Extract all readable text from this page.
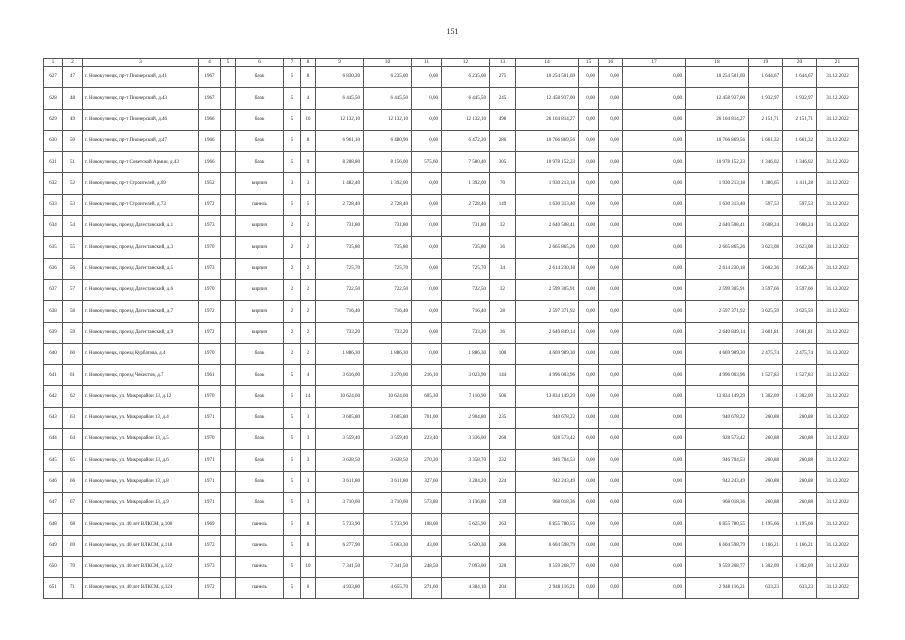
151
1	2	3	4	5	6	7	8	9	10	11	12	13	14	15	16	17	18	19	20	21
627	47	г. Новокузнецк, пр-т Пионерский, д.41	1967		блок	5	8	6 830,20	6 235,00	0,00	6 235,00	275	10 254 501,69	0,00	0,00	0,00	10 254 501,69	1 644,67	1 644,67	31.12.2022
628	48	г. Новокузнецк, пр-т Пионерский, д.43	1967		блок	5	4	6 445,50	6 445,50	0,00	6 445,50	245	12 458 937,00	0,00	0,00	0,00	12 458 937,00	1 932,97	1 932,97	31.12.2022
629	49	г. Новокузнецк, пр-т Пионерский, д.46	1966		блок	5	16	12 132,10	12 132,10	0,00	12 132,10	498	26 104 814,27	0,00	0,00	0,00	26 104 814,27	2 151,71	2 151,71	31.12.2022
630	50	г. Новокузнецк, пр-т Пионерский, д.47	1966		блок	5	8	6 961,10	6 480,90	0,00	6 472,20	286	10 766 869,56	0,00	0,00	0,00	10 766 869,56	1 661,32	1 661,32	31.12.2022
631	51	г. Новокузнецк, пр-т Советской Армии, д.43	1966		блок	5	9	8 208,80	8 156,00	575,60	7 580,40	305	10 978 152,23	0,00	0,00	0,00	10 978 152,23	1 346,02	1 346,02	31.12.2022
632	52	г. Новокузнецк, пр-т Строителей, д.69	1952		кирпич	3	3	1 482,40	1 392,00	0,00	1 392,00	70	1 930 213,18	0,00	0,00	0,00	1 930 213,18	1 386,65	1 411,28	31.12.2022
633	53	г. Новокузнецк, пр-т Строителей, д.73	1972		панель	5	5	2 728,40	2 728,40	0,00	2 728,40	149	1 630 313,40	0,00	0,00	0,00	1 630 313,40	597,53	597,53	31.12.2022
634	54	г. Новокузнецк, проезд Дагестанский, д.1	1973		кирпич	2	2	731,80	731,80	0,00	731,80	32	2 640 508,41	0,00	0,00	0,00	2 640 508,41	3 608,24	3 608,24	31.12.2022
635	55	г. Новокузнецк, проезд Дагестанский, д.3	1970		кирпич	2	2	735,80	735,80	0,00	735,80	36	2 665 865,26	0,00	0,00	0,00	2 665 865,26	3 623,08	3 623,08	31.12.2022
636	56	г. Новокузнецк, проезд Дагестанский, д.5	1973		кирпич	2	2	725,70	725,70	0,00	725,70	34	2 614 230,18	0,00	0,00	0,00	2 614 230,18	3 602,36	3 602,36	31.12.2022
637	57	г. Новокузнецк, проезд Дагестанский, д.6	1970		кирпич	2	2	722,50	722,50	0,00	722,50	32	2 599 305,91	0,00	0,00	0,00	2 599 305,91	3 597,66	3 597,66	31.12.2022
638	58	г. Новокузнецк, проезд Дагестанский, д.7	1972		кирпич	2	2	716,40	716,40	0,00	716,40	28	2 597 371,92	0,00	0,00	0,00	2 597 371,92	3 625,59	3 625,59	31.12.2022
639	59	г. Новокузнецк, проезд Дагестанский, д.9	1972		кирпич	2	2	733,20	733,20	0,00	733,20	36	2 640 849,14	0,00	0,00	0,00	2 640 849,14	3 601,81	3 601,81	31.12.2022
640	60	г. Новокузнецк, проезд Курбатова, д.4	1970		блок	2	2	1 886,30	1 886,30	0,00	1 886,30	100	4 669 989,30	0,00	0,00	0,00	4 669 989,30	2 475,74	2 475,74	31.12.2022
641	61	г. Новокузнецк, проезд Чекистов, д.7	1961		блок	5	4	3 616,00	3 270,00	216,10	3 023,90	144	4 996 003,96	0,00	0,00	0,00	4 996 003,96	1 527,83	1 527,83	31.12.2022
642	62	г. Новокузнецк, ул. Микрорайон 13, д.12	1970		блок	5	14	10 624,60	10 624,60	605,30	7 110,90	506	13 834 149,29	0,00	0,00	0,00	13 834 149,29	1 302,09	1 302,09	31.12.2022
643	63	г. Новокузнецк, ул. Микрорайон 13, д.4	1971		блок	5	3	3 605,80	3 605,80	701,00	2 904,80	235	940 678,22	0,00	0,00	0,00	940 678,22	260,88	260,88	31.12.2022
644	64	г. Новокузнецк, ул. Микрорайон 13, д.5	1970		блок	5	3	3 559,40	3 559,40	223,40	3 336,00	260	928 573,42	0,00	0,00	0,00	928 573,42	260,88	260,88	31.12.2022
645	65	г. Новокузнецк, ул. Микрорайон 13, д.6	1971		блок	5	3	3 628,50	3 628,50	270,20	3 358,70	232	946 704,53	0,00	0,00	0,00	946 704,53	260,88	260,88	31.12.2022
646	66	г. Новокузнецк, ул. Микрорайон 13, д.8	1971		блок	5	3	3 611,80	3 611,80	327,60	3 284,20	224	942 243,49	0,00	0,00	0,00	942 243,49	260,88	260,88	31.12.2022
647	67	г. Новокузнецк, ул. Микрорайон 13, д.9	1971		блок	5	3	3 710,60	3 710,60	573,80	3 136,80	239	968 018,36	0,00	0,00	0,00	968 018,36	260,88	260,88	31.12.2022
648	68	г. Новокузнецк, ул. 40 лет ВЛКСМ, д.100	1969		панель	5	8	5 733,90	5 733,90	108,00	5 625,90	263	6 855 780,55	0,00	0,00	0,00	6 855 780,55	1 195,66	1 195,66	31.12.2022
649	69	г. Новокузнецк, ул. 40 лет ВЛКСМ, д.118	1972		панель	5	8	6 277,90	5 663,30	43,00	5 620,30	266	6 604 598,79	0,00	0,00	0,00	6 604 598,79	1 166,21	1 166,21	31.12.2022
650	70	г. Новокузнецк, ул. 40 лет ВЛКСМ, д.122	1973		панель	5	10	7 341,50	7 341,50	248,50	7 093,00	320	9 559 268,77	0,00	0,00	0,00	9 559 268,77	1 302,09	1 302,09	31.12.2022
651	71	г. Новокузнецк, ул. 40 лет ВЛКСМ, д.124	1972		панель	5	6	4 933,80	4 655,70	271,60	4 384,10	204	2 948 116,21	0,00	0,00	0,00	2 948 116,21	633,23	633,23	31.12.2022
